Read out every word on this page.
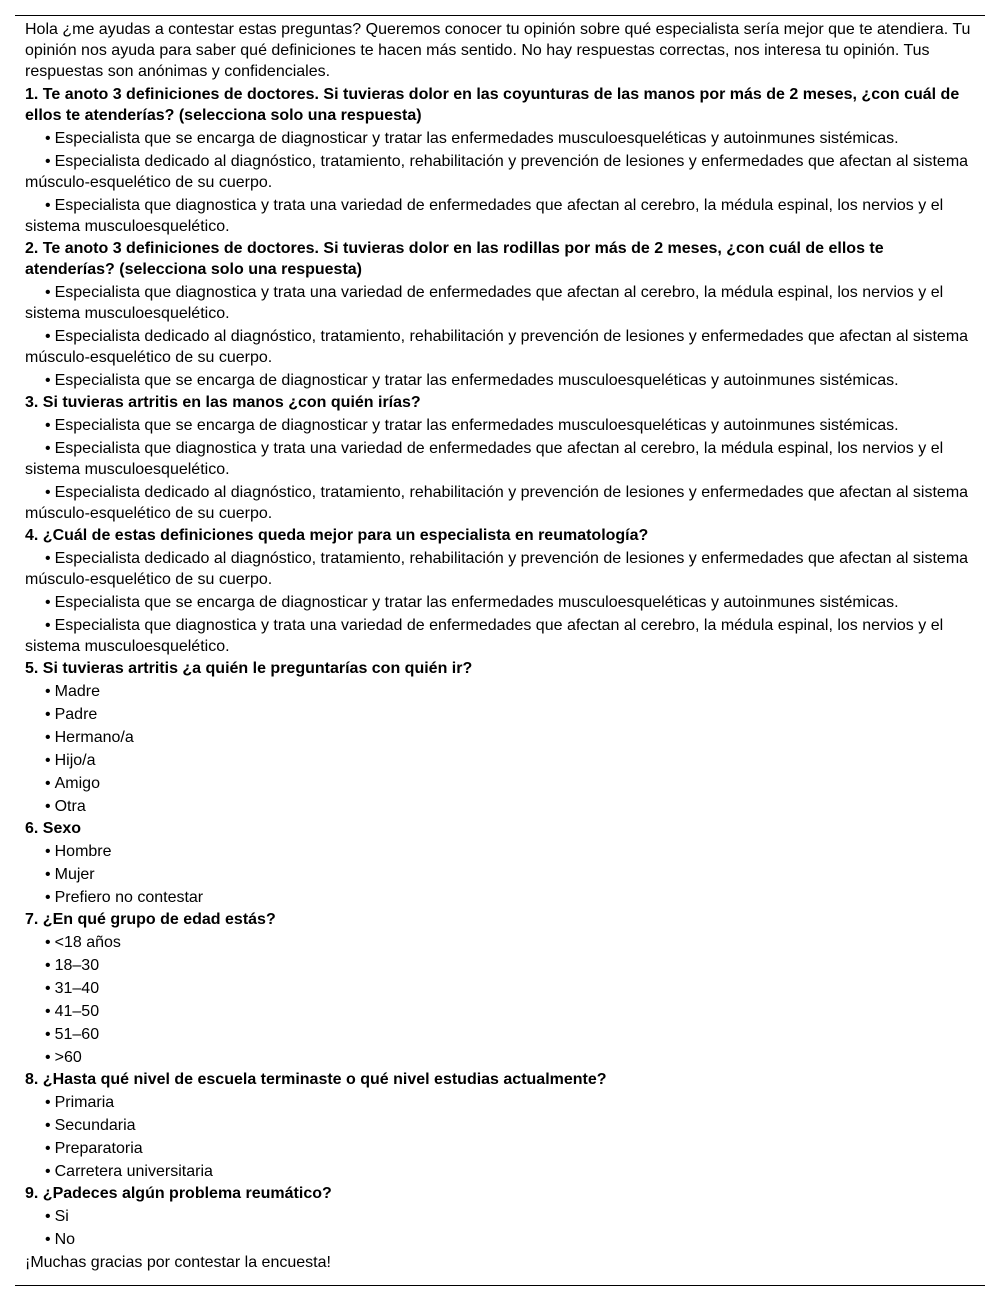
Hola ¿me ayudas a contestar estas preguntas? Queremos conocer tu opinión sobre qué especialista sería mejor que te atendiera. Tu opinión nos ayuda para saber qué definiciones te hacen más sentido. No hay respuestas correctas, nos interesa tu opinión. Tus respuestas son anónimas y confidenciales.
1. Te anoto 3 definiciones de doctores. Si tuvieras dolor en las coyunturas de las manos por más de 2 meses, ¿con cuál de ellos te atenderías? (selecciona solo una respuesta)
• Especialista que se encarga de diagnosticar y tratar las enfermedades musculoesqueléticas y autoinmunes sistémicas.
• Especialista dedicado al diagnóstico, tratamiento, rehabilitación y prevención de lesiones y enfermedades que afectan al sistema músculo-esquelético de su cuerpo.
• Especialista que diagnostica y trata una variedad de enfermedades que afectan al cerebro, la médula espinal, los nervios y el sistema musculoesquelético.
2. Te anoto 3 definiciones de doctores. Si tuvieras dolor en las rodillas por más de 2 meses, ¿con cuál de ellos te atenderías? (selecciona solo una respuesta)
• Especialista que diagnostica y trata una variedad de enfermedades que afectan al cerebro, la médula espinal, los nervios y el sistema musculoesquelético.
• Especialista dedicado al diagnóstico, tratamiento, rehabilitación y prevención de lesiones y enfermedades que afectan al sistema músculo-esquelético de su cuerpo.
• Especialista que se encarga de diagnosticar y tratar las enfermedades musculoesqueléticas y autoinmunes sistémicas.
3. Si tuvieras artritis en las manos ¿con quién irías?
• Especialista que se encarga de diagnosticar y tratar las enfermedades musculoesqueléticas y autoinmunes sistémicas.
• Especialista que diagnostica y trata una variedad de enfermedades que afectan al cerebro, la médula espinal, los nervios y el sistema musculoesquelético.
• Especialista dedicado al diagnóstico, tratamiento, rehabilitación y prevención de lesiones y enfermedades que afectan al sistema músculo-esquelético de su cuerpo.
4. ¿Cuál de estas definiciones queda mejor para un especialista en reumatología?
• Especialista dedicado al diagnóstico, tratamiento, rehabilitación y prevención de lesiones y enfermedades que afectan al sistema músculo-esquelético de su cuerpo.
• Especialista que se encarga de diagnosticar y tratar las enfermedades musculoesqueléticas y autoinmunes sistémicas.
• Especialista que diagnostica y trata una variedad de enfermedades que afectan al cerebro, la médula espinal, los nervios y el sistema musculoesquelético.
5. Si tuvieras artritis ¿a quién le preguntarías con quién ir?
• Madre
• Padre
• Hermano/a
• Hijo/a
• Amigo
• Otra
6. Sexo
• Hombre
• Mujer
• Prefiero no contestar
7. ¿En qué grupo de edad estás?
• <18 años
• 18–30
• 31–40
• 41–50
• 51–60
• >60
8. ¿Hasta qué nivel de escuela terminaste o qué nivel estudias actualmente?
• Primaria
• Secundaria
• Preparatoria
• Carretera universitaria
9. ¿Padeces algún problema reumático?
• Si
• No
¡Muchas gracias por contestar la encuesta!
